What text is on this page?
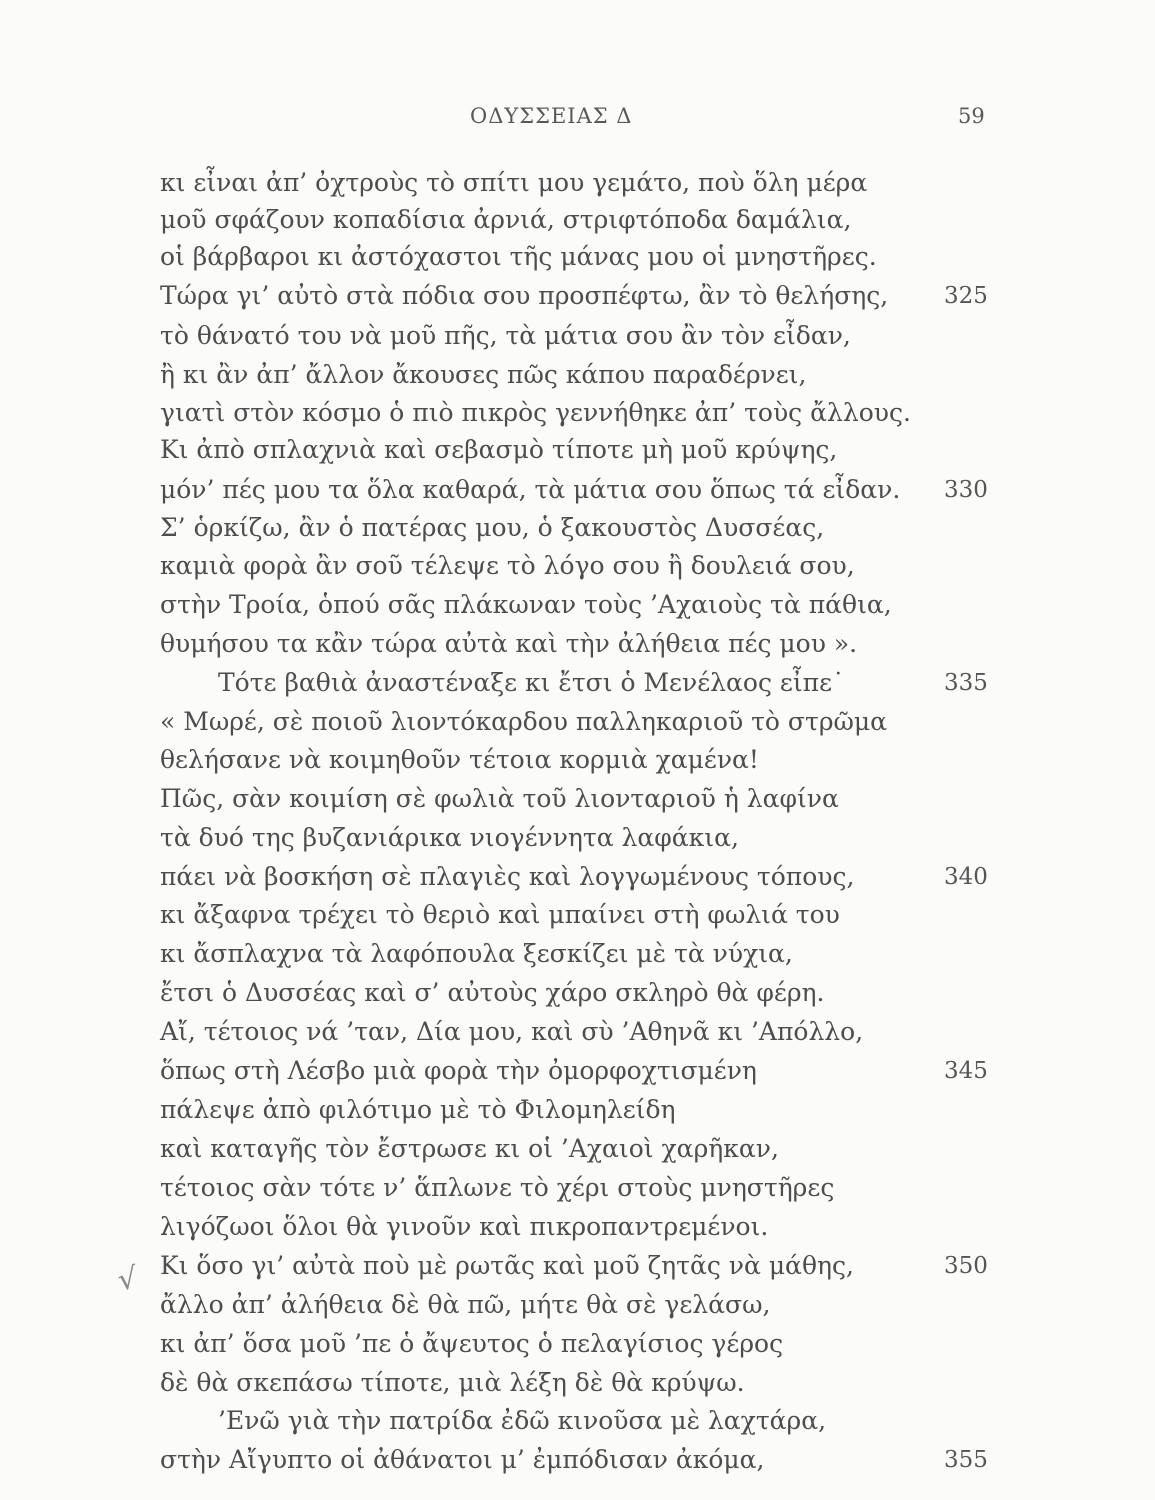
ΟΔΥΣΣΕΙΑΣ Δ	59
κι εἶναι ἀπ’ ὀχτροὺς τὸ σπίτι μου γεμάτο, ποὺ ὅλη μέρα
μοῦ σφάζουν κοπαδίσια ἀρνιά, στριφτόποδα δαμάλια,
οἱ βάρβαροι κι ἀστόχαστοι τῆς μάνας μου οἱ μνηστῆρες.
Τώρα γι’ αὐτὸ στὰ πόδια σου προσπέφτω, ἂν τὸ θελήσης,
τὸ θάνατό του νὰ μοῦ πῆς, τὰ μάτια σου ἂν τὸν εἶδαν,
ἢ κι ἂν ἀπ’ ἄλλον ἄκουσες πῶς κάπου παραδέρνει,
γιατὶ στὸν κόσμο ὁ πιὸ πικρὸς γεννήθηκε ἀπ’ τοὺς ἄλλους.
Κι ἀπὸ σπλαχνιὰ καὶ σεβασμὸ τίποτε μὴ μοῦ κρύψης,
μόν’ πές μου τα ὅλα καθαρά, τὰ μάτια σου ὅπως τά εἶδαν.
Σ’ ὁρκίζω, ἂν ὁ πατέρας μου, ὁ ξακουστὸς Δυσσέας,
καμιὰ φορὰ ἂν σοῦ τέλεψε τὸ λόγο σου ἢ δουλειά σου,
στὴν Τροία, ὁπού σᾶς πλάκωναν τοὺς ’Αχαιοὺς τὰ πάθια,
θυμήσου τα κἂν τώρα αὐτὰ καὶ τὴν ἀλήθεια πές μου ».
Τότε βαθιὰ ἀναστέναξε κι ἔτσι ὁ Μενέλαος εἶπε˙
« Μωρέ, σὲ ποιοῦ λιοντόκαρδου παλληκαριοῦ τὸ στρῶμα
θελήσανε νὰ κοιμηθοῦν τέτοια κορμιὰ χαμένα!
Πῶς, σὰν κοιμίση σὲ φωλιὰ τοῦ λιονταριοῦ ἡ λαφίνα
τὰ δυό της βυζανιάρικα νιογέννητα λαφάκια,
πάει νὰ βοσκήση σὲ πλαγιὲς καὶ λογγωμένους τόπους,
κι ἄξαφνα τρέχει τὸ θεριὸ καὶ μπαίνει στὴ φωλιά του
κι ἄσπλαχνα τὰ λαφόπουλα ξεσκίζει μὲ τὰ νύχια,
ἔτσι ὁ Δυσσέας καὶ σ’ αὐτοὺς χάρο σκληρὸ θὰ φέρη.
Αἴ, τέτοιος νά ’ταν, Δία μου, καὶ σὺ ’Αθηνᾶ κι ’Απόλλο,
ὅπως στὴ Λέσβο μιὰ φορὰ τὴν ὀμορφοχτισμένη
πάλεψε ἀπὸ φιλότιμο μὲ τὸ Φιλομηλείδη
καὶ καταγῆς τὸν ἔστρωσε κι οἱ ’Αχαιοὶ χαρῆκαν,
τέτοιος σὰν τότε ν’ ἅπλωνε τὸ χέρι στοὺς μνηστῆρες
λιγόζωοι ὅλοι θὰ γινοῦν καὶ πικροπαντρεμένοι.
Κι ὅσο γι’ αὐτὰ ποὺ μὲ ρωτᾶς καὶ μοῦ ζητᾶς νὰ μάθης,
ἄλλο ἀπ’ ἀλήθεια δὲ θὰ πῶ, μήτε θὰ σὲ γελάσω,
κι ἀπ’ ὅσα μοῦ ’πε ὁ ἄψευτος ὁ πελαγίσιος γέρος
δὲ θὰ σκεπάσω τίποτε, μιὰ λέξη δὲ θὰ κρύψω.
’Ενῶ γιὰ τὴν πατρίδα ἐδῶ κινοῦσα μὲ λαχτάρα,
στὴν Αἴγυπτο οἱ ἀθάνατοι μ’ ἐμπόδισαν ἀκόμα,
325
330
335
340
345
350
355
√
